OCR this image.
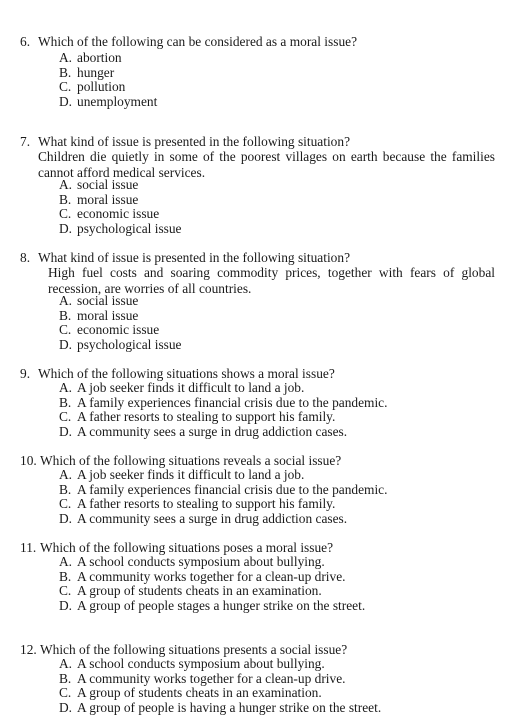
6. Which of the following can be considered as a moral issue?
A. abortion
B. hunger
C. pollution
D. unemployment
7. What kind of issue is presented in the following situation?
Children die quietly in some of the poorest villages on earth because the families cannot afford medical services.
A. social issue
B. moral issue
C. economic issue
D. psychological issue
8. What kind of issue is presented in the following situation?
High fuel costs and soaring commodity prices, together with fears of global recession, are worries of all countries.
A. social issue
B. moral issue
C. economic issue
D. psychological issue
9. Which of the following situations shows a moral issue?
A. A job seeker finds it difficult to land a job.
B. A family experiences financial crisis due to the pandemic.
C. A father resorts to stealing to support his family.
D. A community sees a surge in drug addiction cases.
10. Which of the following situations reveals a social issue?
A. A job seeker finds it difficult to land a job.
B. A family experiences financial crisis due to the pandemic.
C. A father resorts to stealing to support his family.
D. A community sees a surge in drug addiction cases.
11. Which of the following situations poses a moral issue?
A. A school conducts symposium about bullying.
B. A community works together for a clean-up drive.
C. A group of students cheats in an examination.
D. A group of people stages a hunger strike on the street.
12. Which of the following situations presents a social issue?
A. A school conducts symposium about bullying.
B. A community works together for a clean-up drive.
C. A group of students cheats in an examination.
D. A group of people is having a hunger strike on the street.
